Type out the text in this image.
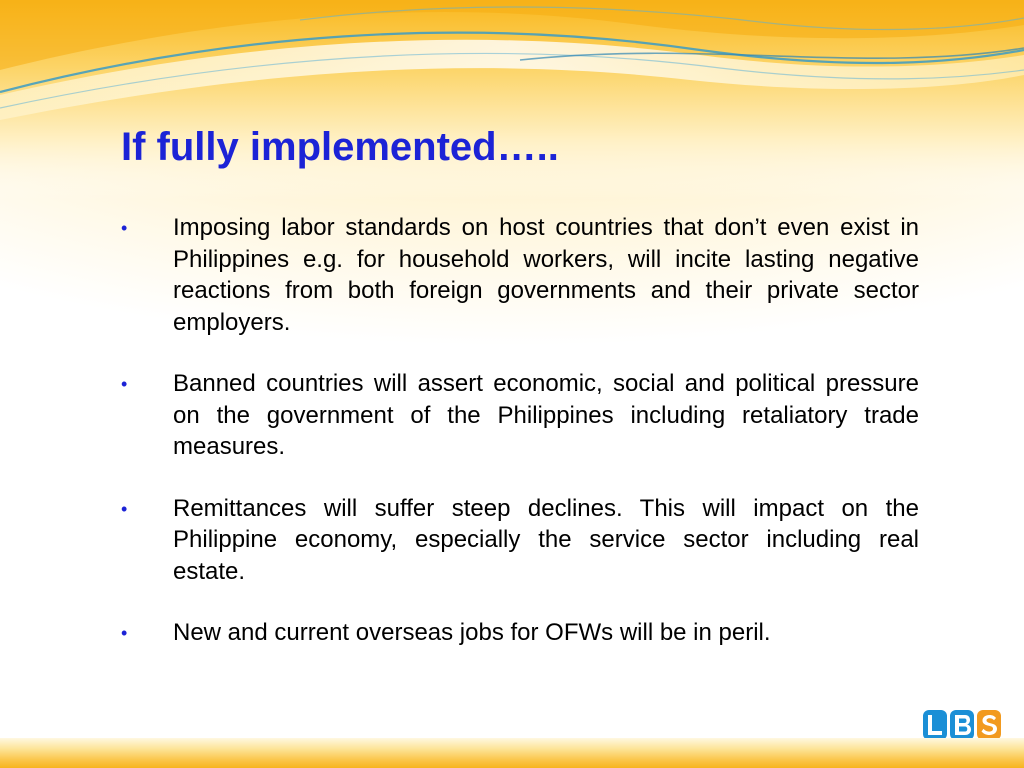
If fully implemented…..
•	Imposing labor standards on host countries that don’t even exist in Philippines e.g. for household workers, will incite lasting negative reactions from both foreign governments and their private sector employers.
•	Banned countries will assert economic, social and political pressure on the government of the Philippines including retaliatory trade measures.
•	Remittances will suffer steep declines. This will impact on the Philippine economy, especially the service sector including real estate.
•	New and current overseas jobs for OFWs will be in peril.
